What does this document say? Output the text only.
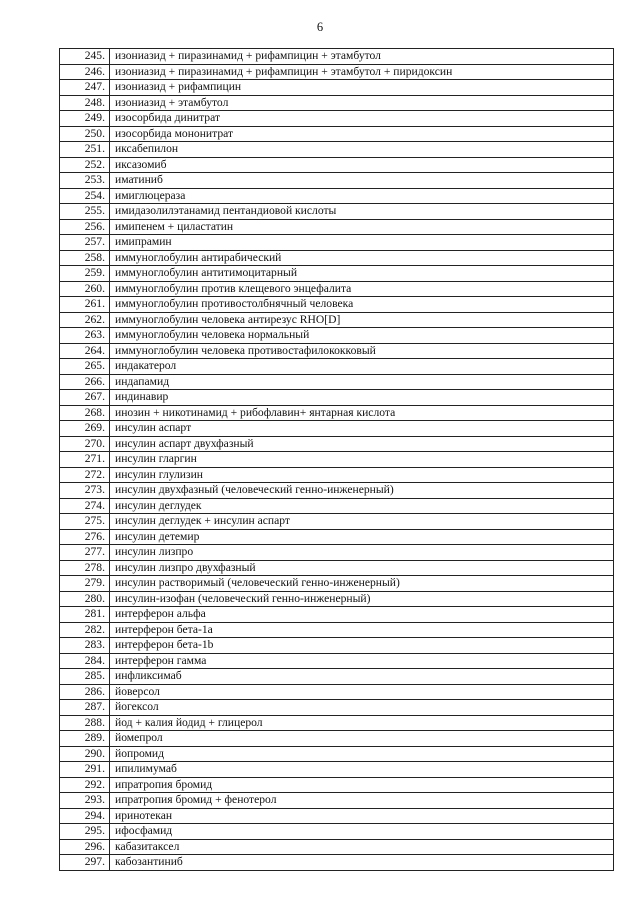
6
245.	изониазид + пиразинамид + рифампицин + этамбутол
246.	изониазид + пиразинамид + рифампицин + этамбутол + пиридоксин
247.	изониазид + рифампицин
248.	изониазид + этамбутол
249.	изосорбида динитрат
250.	изосорбида мононитрат
251.	иксабепилон
252.	иксазомиб
253.	иматиниб
254.	имиглюцераза
255.	имидазолилэтанамид пентандиовой кислоты
256.	имипенем + циластатин
257.	имипрамин
258.	иммуноглобулин антирабический
259.	иммуноглобулин антитимоцитарный
260.	иммуноглобулин против клещевого энцефалита
261.	иммуноглобулин противостолбнячный человека
262.	иммуноглобулин человека антирезус RHO[D]
263.	иммуноглобулин человека нормальный
264.	иммуноглобулин человека противостафилококковый
265.	индакатерол
266.	индапамид
267.	индинавир
268.	инозин + никотинамид + рибофлавин+ янтарная кислота
269.	инсулин аспарт
270.	инсулин аспарт двухфазный
271.	инсулин гларгин
272.	инсулин глулизин
273.	инсулин двухфазный (человеческий генно-инженерный)
274.	инсулин деглудек
275.	инсулин деглудек + инсулин аспарт
276.	инсулин детемир
277.	инсулин лизпро
278.	инсулин лизпро двухфазный
279.	инсулин растворимый (человеческий генно-инженерный)
280.	инсулин-изофан (человеческий генно-инженерный)
281.	интерферон альфа
282.	интерферон бета-1a
283.	интерферон бета-1b
284.	интерферон гамма
285.	инфликсимаб
286.	йоверсол
287.	йогексол
288.	йод + калия йодид + глицерол
289.	йомепрол
290.	йопромид
291.	ипилимумаб
292.	ипратропия бромид
293.	ипратропия бромид + фенотерол
294.	иринотекан
295.	ифосфамид
296.	кабазитаксел
297.	кабозантиниб
